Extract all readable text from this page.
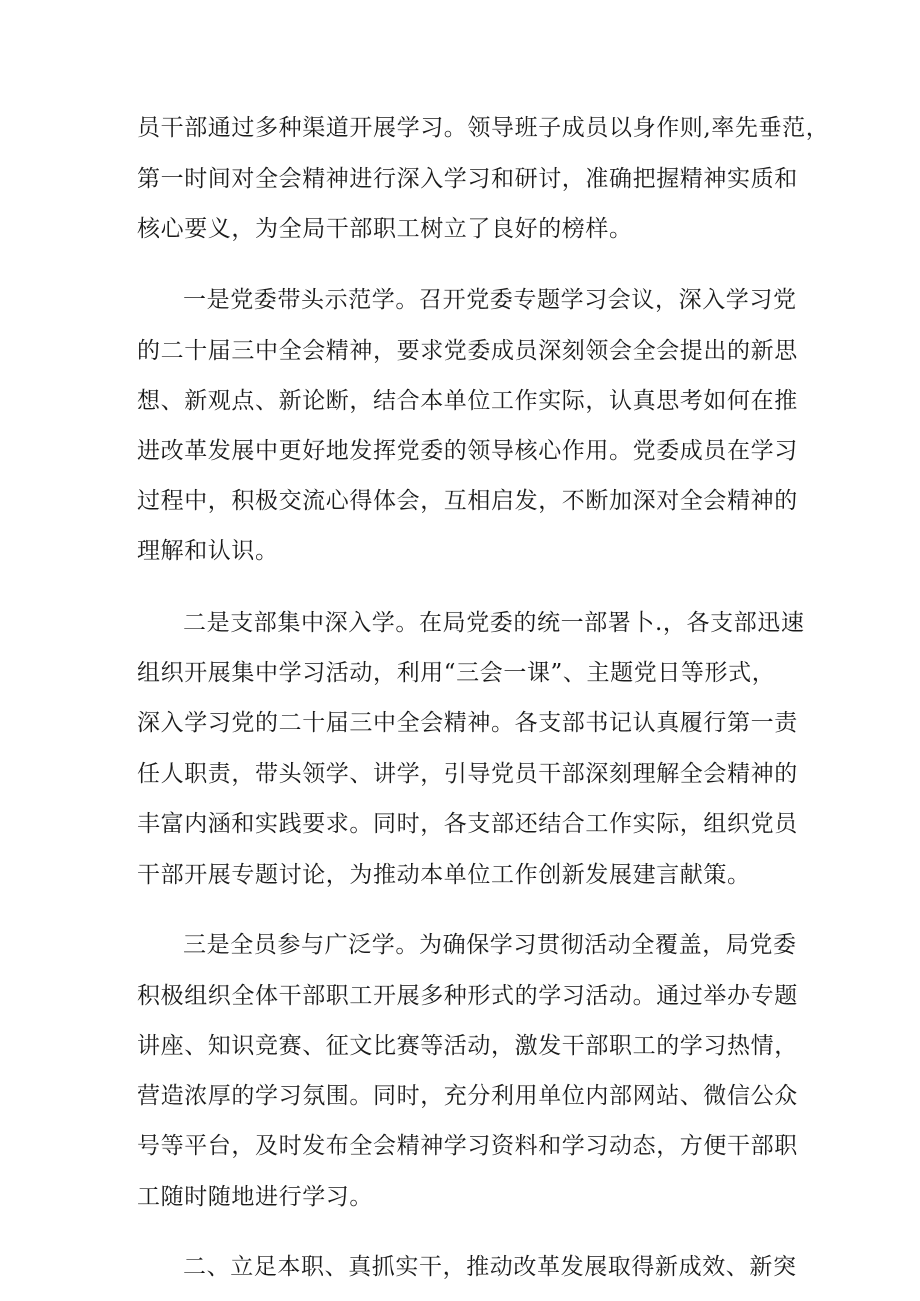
员干部通过多种渠道开展学习。领导班子成员以身作则,率先垂范，
第一时间对全会精神进行深入学习和研讨，准确把握精神实质和
核心要义，为全局干部职工树立了良好的榜样。
一是党委带头示范学。召开党委专题学习会议，深入学习党
的二十届三中全会精神，要求党委成员深刻领会全会提出的新思
想、新观点、新论断，结合本单位工作实际，认真思考如何在推
进改革发展中更好地发挥党委的领导核心作用。党委成员在学习
过程中，积极交流心得体会，互相启发，不断加深对全会精神的
理解和认识。
二是支部集中深入学。在局党委的统一部署卜.，各支部迅速
组织开展集中学习活动，利用“三会一课”、主题党日等形式，
深入学习党的二十届三中全会精神。各支部书记认真履行第一责
任人职责，带头领学、讲学，引导党员干部深刻理解全会精神的
丰富内涵和实践要求。同时，各支部还结合工作实际，组织党员
干部开展专题讨论，为推动本单位工作创新发展建言献策。
三是全员参与广泛学。为确保学习贯彻活动全覆盖，局党委
积极组织全体干部职工开展多种形式的学习活动。通过举办专题
讲座、知识竞赛、征文比赛等活动，激发干部职工的学习热情，
营造浓厚的学习氛围。同时，充分利用单位内部网站、微信公众
号等平台，及时发布全会精神学习资料和学习动态，方便干部职
工随时随地进行学习。
二、立足本职、真抓实干，推动改革发展取得新成效、新突
